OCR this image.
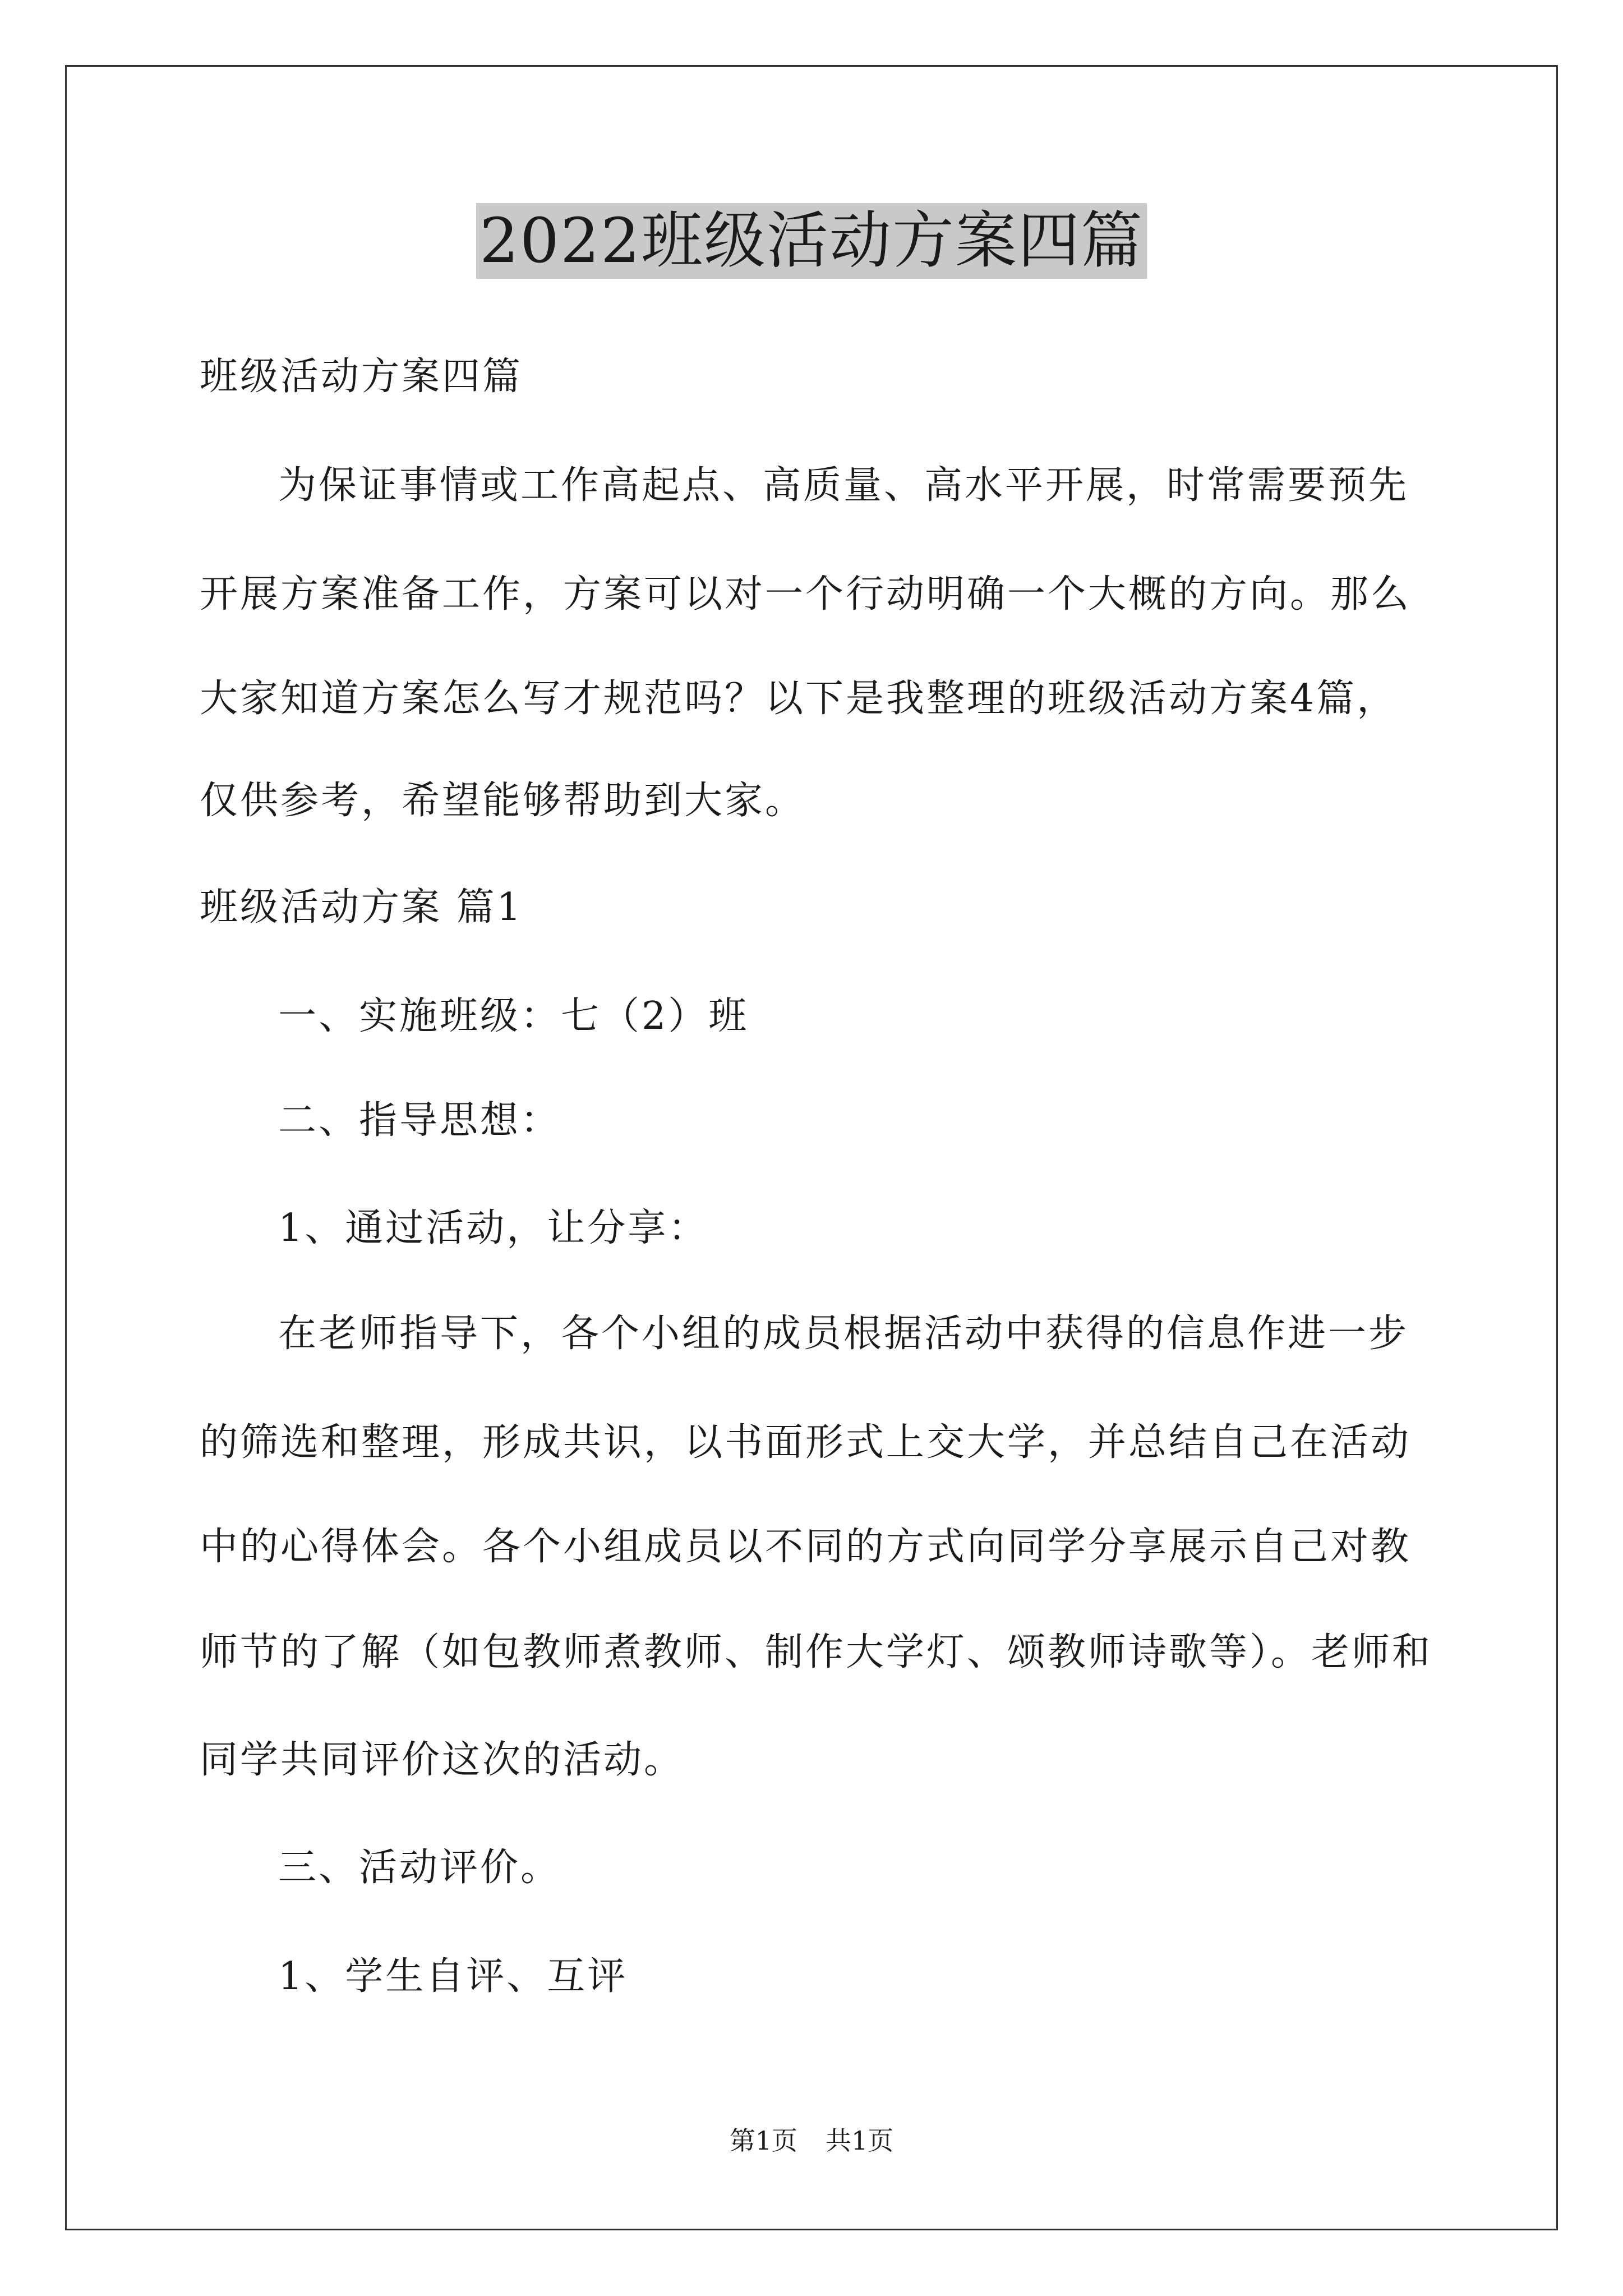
2022班级活动方案四篇
班级活动方案四篇
为保证事情或工作高起点、高质量、高水平开展，时常需要预先
开展方案准备工作，方案可以对一个行动明确一个大概的方向。那么
大家知道方案怎么写才规范吗？以下是我整理的班级活动方案4篇，
仅供参考，希望能够帮助到大家。
班级活动方案 篇1
一、实施班级：七（2）班
二、指导思想：
1、通过活动，让分享：
在老师指导下，各个小组的成员根据活动中获得的信息作进一步
的筛选和整理，形成共识，以书面形式上交大学，并总结自己在活动
中的心得体会。各个小组成员以不同的方式向同学分享展示自己对教
师节的了解（如包教师煮教师、制作大学灯、颂教师诗歌等）。老师和
同学共同评价这次的活动。
三、活动评价。
1、学生自评、互评
第1页 共1页
